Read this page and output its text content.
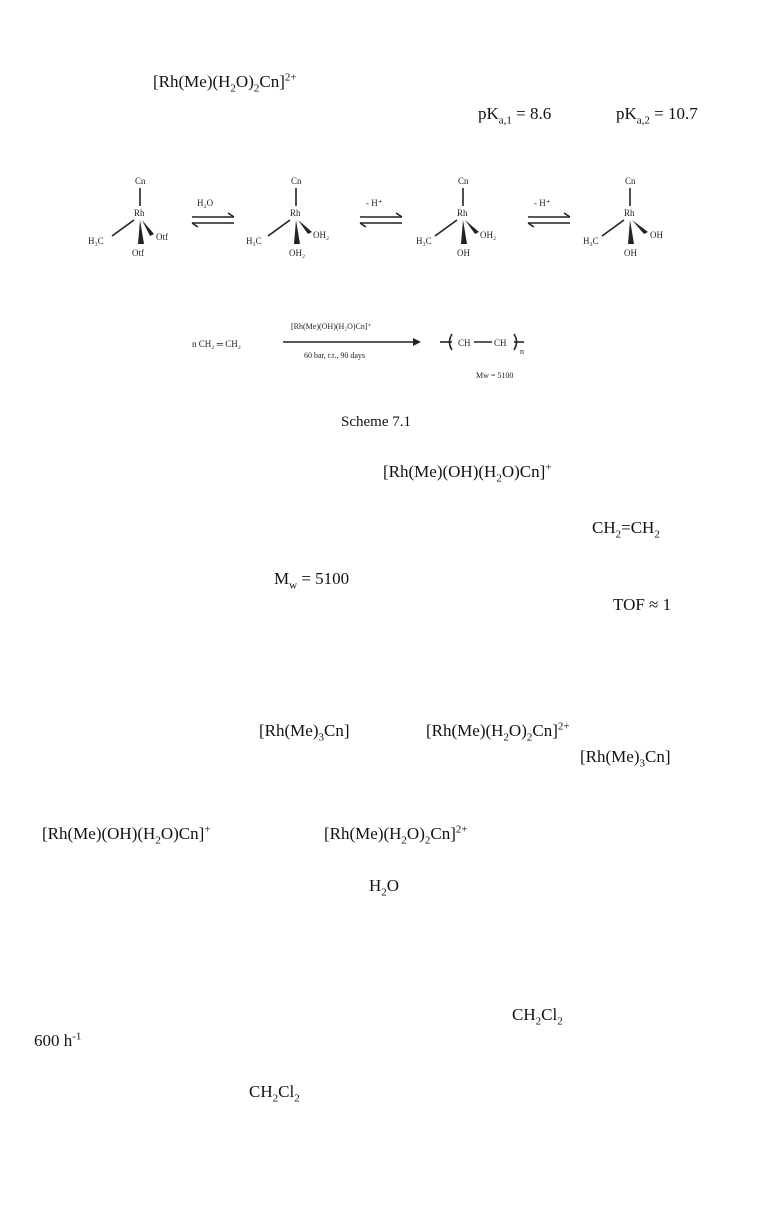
$[Rh(Me)(H_2O)_2Cn]^{2+}$
$pK_{a,1} = 8.6$	$pK_{a,2} = 10.7$
Cn
Rh
H₃C	Otf
Otf
H₂O
Cn
Rh
H₃C
OH₂
OH₂
- H⁺
Cn
Rh
H₃C
OH₂
OH
- H⁺
Cn
Rh
H₃C
OH
OH
n CH₂ ═ CH₂
[Rh(Me)(OH)(H₂O)Cn]⁺
60 bar, r.t., 90 days
CH	CH
n
Mw = 5100
Scheme 7.1
$[Rh(Me)(OH)(H_2O)Cn]^+$
$CH_2=CH_2$
$M_w = 5100$
TOF ≈ 1
$[Rh(Me)_3Cn]$	$[Rh(Me)(H_2O)_2Cn]^{2+}$
$[Rh(Me)_3Cn]$
$[Rh(Me)(OH)(H_2O)Cn]^+$	$[Rh(Me)(H_2O)_2Cn]^{2+}$
$H_2O$
$CH_2Cl_2$
600 $h^{-1}$
$CH_2Cl_2$
